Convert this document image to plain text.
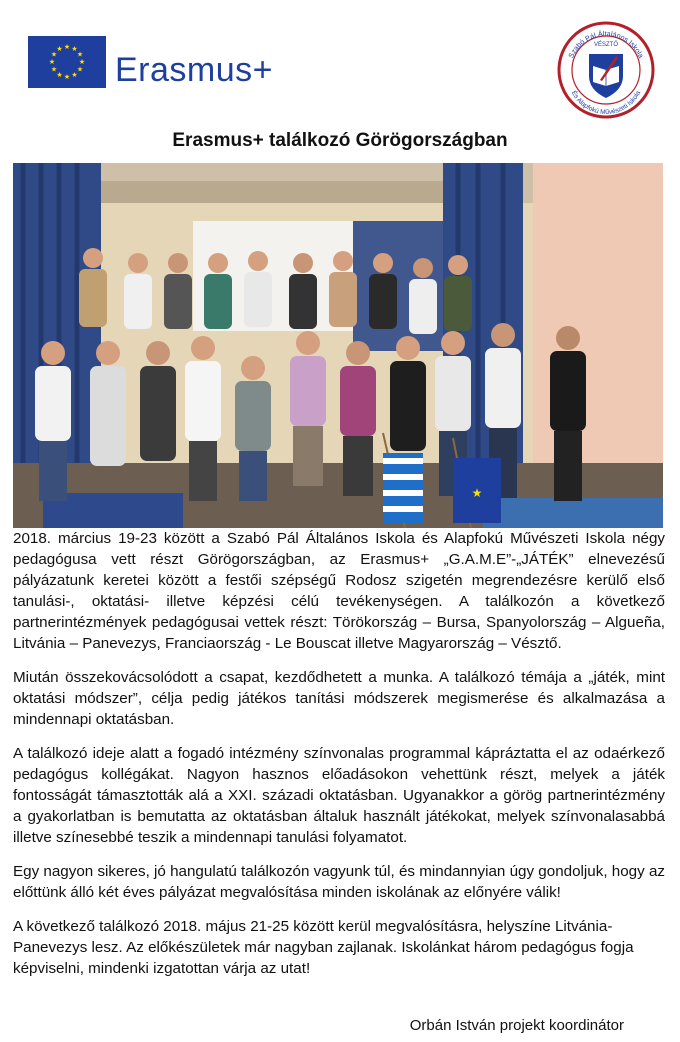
★ ★
★
★
★
★
★
★
★
★
★
★
Erasmus+	Szabó Pál Általános Iskola
VÉSZTŐ
És Alapfokú Művészeti Iskola
Erasmus+ találkozó Görögországban
★

2018. március 19-23 között a Szabó Pál Általános Iskola és Alapfokú Művészeti Iskola négy pedagógusa vett részt Görögországban, az Erasmus+ „G.A.M.E”-„JÁTÉK” elnevezésű pályázatunk keretei között a festői szépségű Rodosz szigetén megrendezésre kerülő első tanulási-, oktatási- illetve képzési célú tevékenységen. A találkozón a következő partnerintézmények pedagógusai vettek részt: Törökország – Bursa, Spanyolország – Algueña, Litvánia – Panevezys, Franciaország - Le Bouscat illetve Magyarország – Vésztő.

Miután összekovácsolódott a csapat, kezdődhetett a munka. A találkozó témája a „játék, mint oktatási módszer”, célja pedig játékos tanítási módszerek megismerése és alkalmazása a mindennapi oktatásban.

A találkozó ideje alatt a fogadó intézmény színvonalas programmal kápráztatta el az odaérkező pedagógus kollégákat. Nagyon hasznos előadásokon vehettünk részt, melyek a játék fontosságát támasztották alá a XXI. századi oktatásban. Ugyanakkor a görög partnerintézmény a gyakorlatban is bemutatta az oktatásban általuk használt játékokat, melyek színvonalasabbá illetve színesebbé teszik a mindennapi tanulási folyamatot.

Egy nagyon sikeres, jó hangulatú találkozón vagyunk túl, és mindannyian úgy gondoljuk, hogy az előttünk álló két éves pályázat megvalósítása minden iskolának az előnyére válik!

A következő találkozó 2018. május 21-25 között kerül megvalósításra, helyszíne Litvánia-Panevezys lesz. Az előkészületek már nagyban zajlanak. Iskolánkat három pedagógus fogja képviselni, mindenki izgatottan várja az utat!

Orbán István projekt koordinátor
